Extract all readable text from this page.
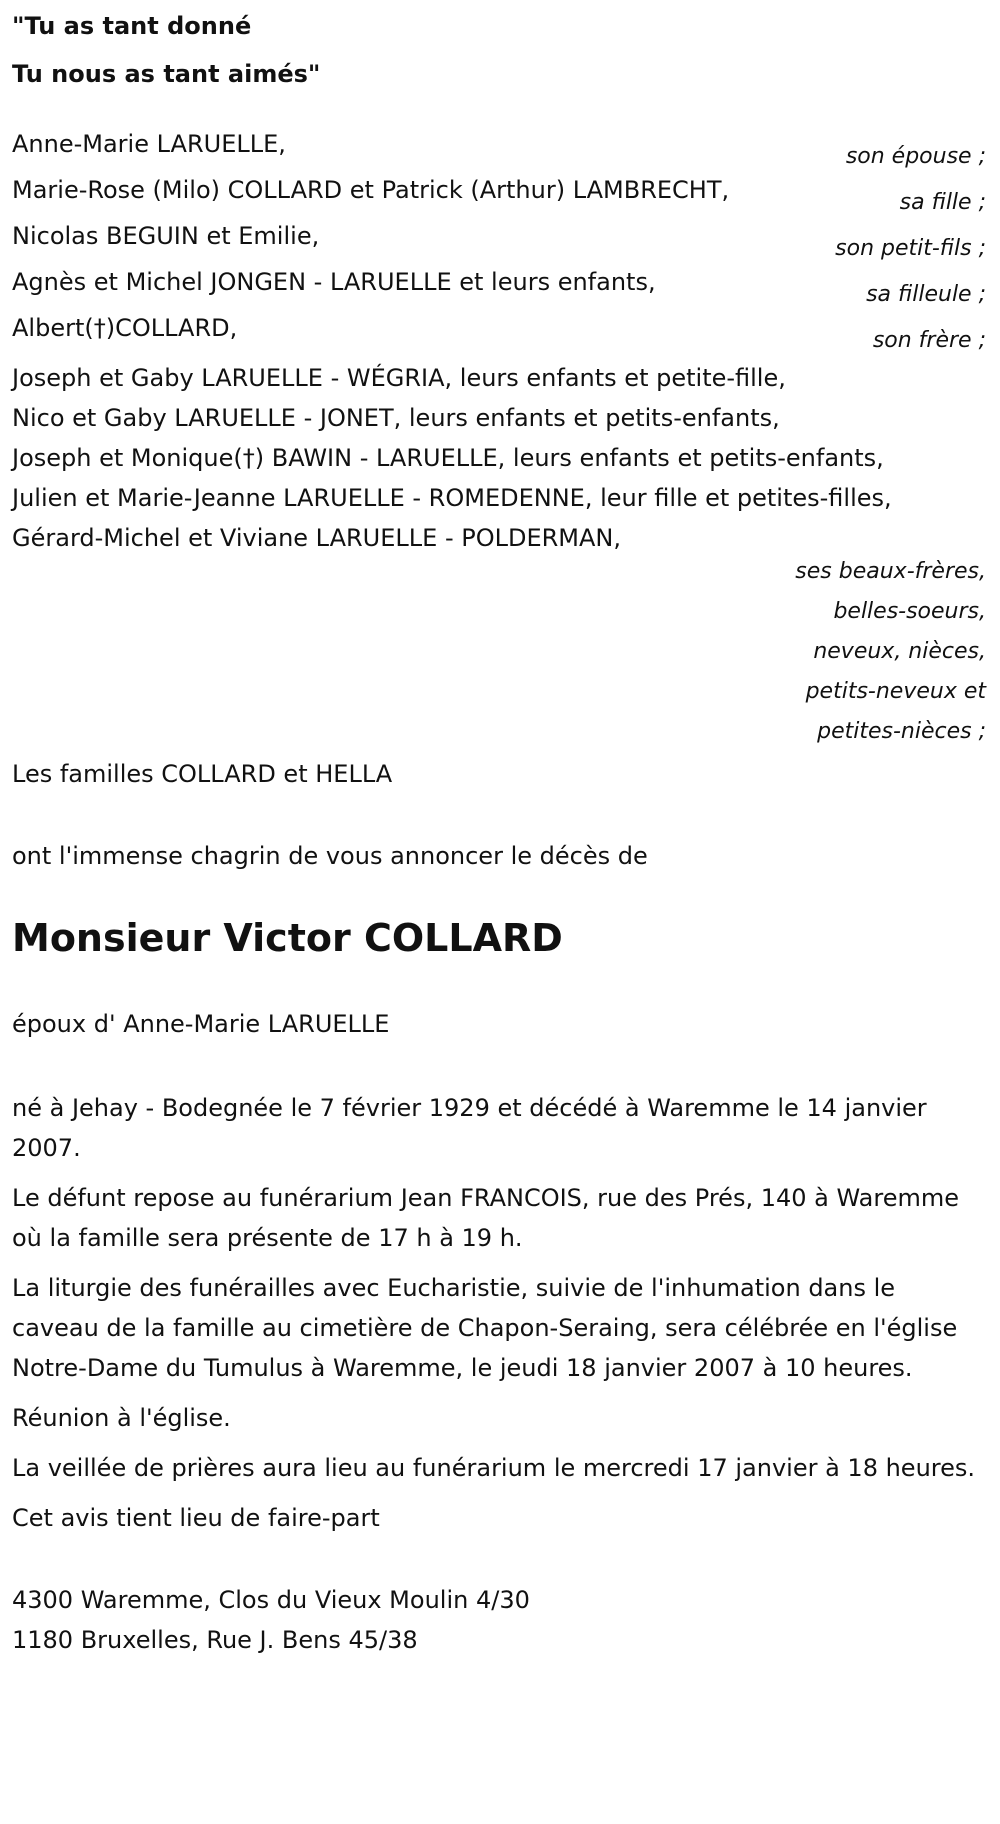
"Tu as tant donné
Tu nous as tant aimés"
Anne-Marie LARUELLE,	son épouse ;
Marie-Rose (Milo) COLLARD et Patrick (Arthur) LAMBRECHT,	sa fille ;
Nicolas BEGUIN et Emilie,	son petit-fils ;
Agnès et Michel JONGEN - LARUELLE et leurs enfants,	sa filleule ;
Albert(†)COLLARD,	son frère ;
Joseph et Gaby LARUELLE - WÉGRIA, leurs enfants et petite-fille,
Nico et Gaby LARUELLE - JONET, leurs enfants et petits-enfants,
Joseph et Monique(†) BAWIN - LARUELLE, leurs enfants et petits-enfants,
Julien et Marie-Jeanne LARUELLE - ROMEDENNE, leur fille et petites-filles,
Gérard-Michel et Viviane LARUELLE - POLDERMAN,
ses beaux-frères,
belles-soeurs,
neveux, nièces,
petits-neveux et
petites-nièces ;

Les familles COLLARD et HELLA

ont l'immense chagrin de vous annoncer le décès de

Monsieur Victor COLLARD

époux d' Anne-Marie LARUELLE

né à Jehay - Bodegnée le 7 février 1929 et décédé à Waremme le 14 janvier 2007.

Le défunt repose au funérarium Jean FRANCOIS, rue des Prés, 140 à Waremme où la famille sera présente de 17 h à 19 h.

La liturgie des funérailles avec Eucharistie, suivie de l'inhumation dans le caveau de la famille au cimetière de Chapon-Seraing, sera célébrée en l'église Notre-Dame du Tumulus à Waremme, le jeudi 18 janvier 2007 à 10 heures.

Réunion à l'église.

La veillée de prières aura lieu au funérarium le mercredi 17 janvier à 18 heures.

Cet avis tient lieu de faire-part

4300 Waremme, Clos du Vieux Moulin 4/30
1180 Bruxelles, Rue J. Bens 45/38
